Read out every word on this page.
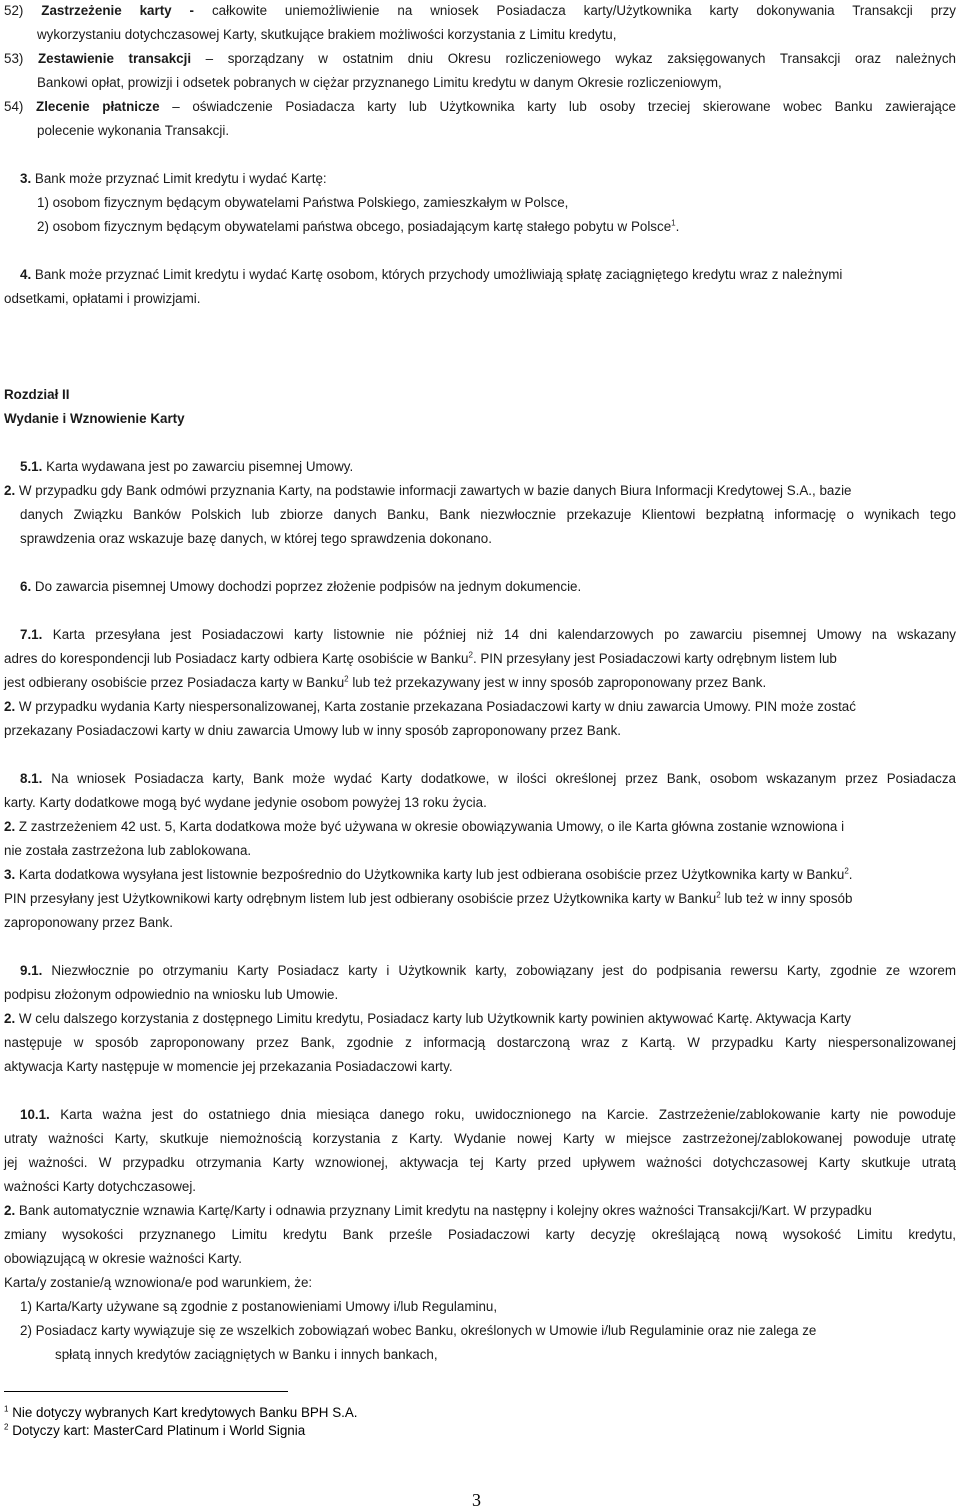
52) Zastrzeżenie karty - całkowite uniemożliwienie na wniosek Posiadacza karty/Użytkownika karty dokonywania Transakcji przy
wykorzystaniu dotychczasowej Karty, skutkujące brakiem możliwości korzystania z Limitu kredytu,
53) Zestawienie transakcji – sporządzany w ostatnim dniu Okresu rozliczeniowego wykaz zaksięgowanych Transakcji oraz należnych
Bankowi opłat, prowizji i odsetek pobranych w ciężar przyznanego Limitu kredytu w danym Okresie rozliczeniowym,
54) Zlecenie płatnicze – oświadczenie Posiadacza karty lub Użytkownika karty lub osoby trzeciej skierowane wobec Banku zawierające
polecenie wykonania Transakcji.
3. Bank może przyznać Limit kredytu i wydać Kartę:
1) osobom fizycznym będącym obywatelami Państwa Polskiego, zamieszkałym w Polsce,
2) osobom fizycznym będącym obywatelami państwa obcego, posiadającym kartę stałego pobytu w Polsce$^1$.
4. Bank może przyznać Limit kredytu i wydać Kartę osobom, których przychody umożliwiają spłatę zaciągniętego kredytu wraz z należnymi
odsetkami, opłatami i prowizjami.
Rozdział II
Wydanie i Wznowienie Karty
5.1. Karta wydawana jest po zawarciu pisemnej Umowy.
2. W przypadku gdy Bank odmówi przyznania Karty, na podstawie informacji zawartych w bazie danych Biura Informacji Kredytowej S.A., bazie
danych Związku Banków Polskich lub zbiorze danych Banku, Bank niezwłocznie przekazuje Klientowi bezpłatną informację o wynikach tego
sprawdzenia oraz wskazuje bazę danych, w której tego sprawdzenia dokonano.
6. Do zawarcia pisemnej Umowy dochodzi poprzez złożenie podpisów na jednym dokumencie.
7.1. Karta przesyłana jest Posiadaczowi karty listownie nie później niż 14 dni kalendarzowych po zawarciu pisemnej Umowy na wskazany
adres do korespondencji lub Posiadacz karty odbiera Kartę osobiście w Banku$^2$. PIN przesyłany jest Posiadaczowi karty odrębnym listem lub
jest odbierany osobiście przez Posiadacza karty w Banku$^2$ lub też przekazywany jest w inny sposób zaproponowany przez Bank.
2. W przypadku wydania Karty niespersonalizowanej, Karta zostanie przekazana Posiadaczowi karty w dniu zawarcia Umowy. PIN może zostać
przekazany Posiadaczowi karty w dniu zawarcia Umowy lub w inny sposób zaproponowany przez Bank.
8.1. Na wniosek Posiadacza karty, Bank może wydać Karty dodatkowe, w ilości określonej przez Bank, osobom wskazanym przez Posiadacza
karty. Karty dodatkowe mogą być wydane jedynie osobom powyżej 13 roku życia.
2. Z zastrzeżeniem 42 ust. 5, Karta dodatkowa może być używana w okresie obowiązywania Umowy, o ile Karta główna zostanie wznowiona i
nie została zastrzeżona lub zablokowana.
3. Karta dodatkowa wysyłana jest listownie bezpośrednio do Użytkownika karty lub jest odbierana osobiście przez Użytkownika karty w Banku$^2$.
PIN przesyłany jest Użytkownikowi karty odrębnym listem lub jest odbierany osobiście przez Użytkownika karty w Banku$^2$ lub też w inny sposób
zaproponowany przez Bank.
9.1. Niezwłocznie po otrzymaniu Karty Posiadacz karty i Użytkownik karty, zobowiązany jest do podpisania rewersu Karty, zgodnie ze wzorem
podpisu złożonym odpowiednio na wniosku lub Umowie.
2. W celu dalszego korzystania z dostępnego Limitu kredytu, Posiadacz karty lub Użytkownik karty powinien aktywować Kartę. Aktywacja Karty
następuje w sposób zaproponowany przez Bank, zgodnie z informacją dostarczoną wraz z Kartą. W przypadku Karty niespersonalizowanej
aktywacja Karty następuje w momencie jej przekazania Posiadaczowi karty.
10.1. Karta ważna jest do ostatniego dnia miesiąca danego roku, uwidocznionego na Karcie. Zastrzeżenie/zablokowanie karty nie powoduje
utraty ważności Karty, skutkuje niemożnością korzystania z Karty. Wydanie nowej Karty w miejsce zastrzeżonej/zablokowanej powoduje utratę
jej ważności. W przypadku otrzymania Karty wznowionej, aktywacja tej Karty przed upływem ważności dotychczasowej Karty skutkuje utratą
ważności Karty dotychczasowej.
2. Bank automatycznie wznawia Kartę/Karty i odnawia przyznany Limit kredytu na następny i kolejny okres ważności Transakcji/Kart. W przypadku
zmiany wysokości przyznanego Limitu kredytu Bank prześle Posiadaczowi karty decyzję określającą nową wysokość Limitu kredytu,
obowiązującą w okresie ważności Karty.
Karta/y zostanie/ą wznowiona/e pod warunkiem, że:
1) Karta/Karty używane są zgodnie z postanowieniami Umowy i/lub Regulaminu,
2) Posiadacz karty wywiązuje się ze wszelkich zobowiązań wobec Banku, określonych w Umowie i/lub Regulaminie oraz nie zalega ze
spłatą innych kredytów zaciągniętych w Banku i innych bankach,
$^1$ Nie dotyczy wybranych Kart kredytowych Banku BPH S.A.
$^2$ Dotyczy kart: MasterCard Platinum i World Signia
3
